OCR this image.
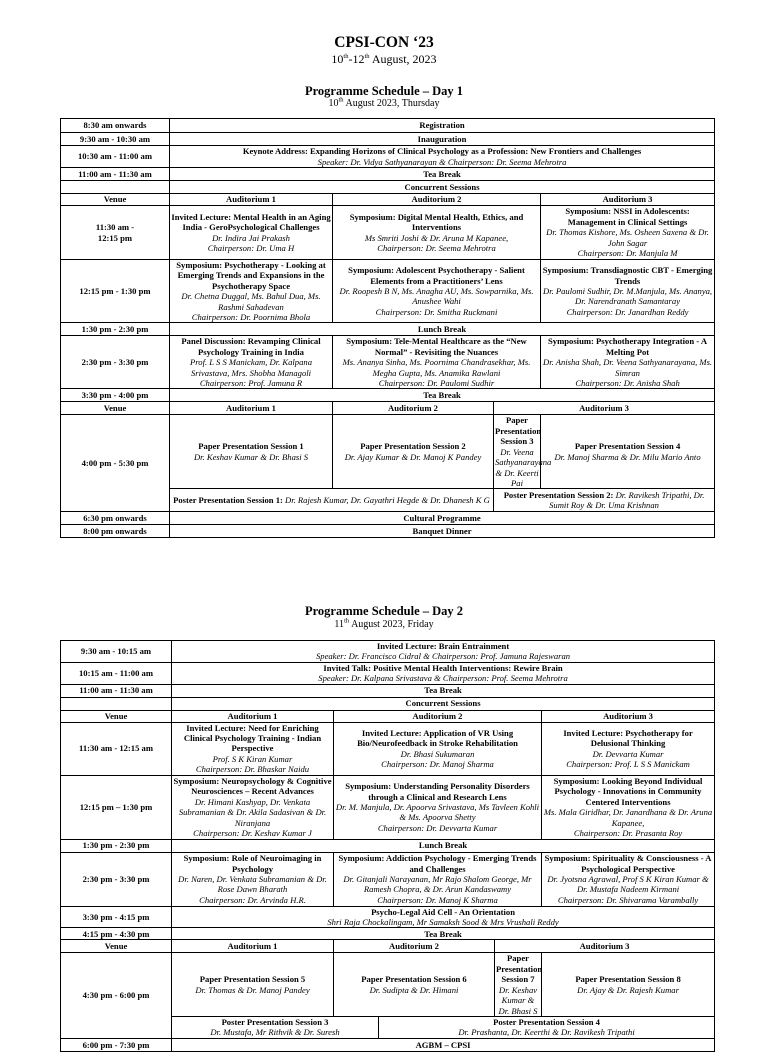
CPSI-CON ‘23
10th-12th August, 2023
Programme Schedule – Day 1
10th August 2023, Thursday
8:30 am onwards	Registration			
9:30 am - 10:30 am	Inauguration			
10:30 am - 11:00 am	Keynote Address: Expanding Horizons of Clinical Psychology as a Profession: New Frontiers and Challenges
Speaker: Dr. Vidya Sathyanarayan & Chairperson: Dr. Seema Mehrotra			

11:00 am - 11:30 am	Tea Break			
	Concurrent Sessions			
Venue	Auditorium 1	Auditorium 2		Auditorium 3
11:30 am -
12:15 pm	Invited Lecture: Mental Health in an Aging India - GeroPsychological Challenges
Dr. Indira Jai Prakash
Chairperson: Dr. Uma H	Symposium: Digital Mental Health, Ethics, and Interventions
Ms Smriti Joshi & Dr. Aruna M Kapanee,
Chairperson: Dr. Seema Mehrotra		Symposium: NSSI in Adolescents: Management in Clinical Settings
Dr. Thomas Kishore, Ms. Osheen Saxena & Dr. John Sagar
Chairperson: Dr. Manjula M

12:15 pm - 1:30 pm	Symposium: Psychotherapy - Looking at Emerging Trends and Expansions in the Psychotherapy Space
Dr. Chetna Duggal, Ms. Bahul Dua, Ms. Rashmi Sahadevan
Chairperson: Dr. Poornima Bhola	Symposium: Adolescent Psychotherapy - Salient Elements from a Practitioners’ Lens
Dr. Roopesh B N, Ms. Anagha AU, Ms. Sowparnika, Ms. Anushee Wahi
Chairperson: Dr. Smitha Ruckmani		Symposium: Transdiagnostic CBT - Emerging Trends
Dr. Paulomi Sudhir, Dr. M.Manjula, Ms. Ananya, Dr. Narendranath Samantaray
Chairperson: Dr. Janardhan Reddy

1:30 pm - 2:30 pm	Lunch Break			
2:30 pm - 3:30 pm	Panel Discussion: Revamping Clinical Psychology Training in India
Prof. L S S Manickam, Dr. Kalpana Srivastava, Mrs. Shobha Managoli
Chairperson: Prof. Jamuna R	Symposium: Tele-Mental Healthcare as the “New Normal” - Revisiting the Nuances
Ms. Ananya Sinha, Ms. Poornima Chandrasekhar, Ms. Megha Gupta, Ms. Anamika Rawlani
Chairperson: Dr. Paulomi Sudhir		Symposium: Psychotherapy Integration - A Melting Pot
Dr. Anisha Shah, Dr. Veena Sathyanarayana, Ms. Simran
Chairperson: Dr. Anisha Shah

3:30 pm - 4:00 pm	Tea Break			
Venue	Auditorium 1	Auditorium 2	Auditorium 3	
4:00 pm - 5:30 pm	Paper Presentation Session 1
Dr. Keshav Kumar & Dr. Bhasi S	Paper Presentation Session 2
Dr. Ajay Kumar & Dr. Manoj K Pandey	Paper Presentation Session 3
Dr. Veena Sathyanarayana & Dr. Keerti Pai	Paper Presentation Session 4
Dr. Manoj Sharma & Dr. Milu Mario Anto

	Poster Presentation Session 1: Dr. Rajesh Kumar, Dr. Gayathri Hegde & Dr. Dhanesh K G		Poster Presentation Session 2: Dr. Ravikesh Tripathi, Dr. Sumit Roy & Dr. Uma Krishnan	
6:30 pm onwards	Cultural Programme			
8:00 pm onwards	Banquet Dinner			
Programme Schedule – Day 2
11th August 2023, Friday
9:30 am - 10:15 am	Invited Lecture: Brain Entrainment
Speaker: Dr. Francisco Cidral & Chairperson: Prof. Jamuna Rajeswaran				

10:15 am - 11:00 am	Invited Talk: Positive Mental Health Interventions: Rewire Brain
Speaker: Dr. Kalpana Srivastava & Chairperson: Prof. Seema Mehrotra				

11:00 am - 11:30 am	Tea Break				
	Concurrent Sessions				
Venue	Auditorium 1	Auditorium 2			Auditorium 3
11:30 am - 12:15 am	Invited Lecture: Need for Enriching Clinical Psychology Training - Indian Perspective
Prof. S K Kiran Kumar
Chairperson: Dr. Bhaskar Naidu	Invited Lecture: Application of VR Using Bio/Neurofeedback in Stroke Rehabilitation
Dr. Bhasi Sukumaran
Chairperson: Dr. Manoj Sharma			Invited Lecture: Psychotherapy for Delusional Thinking
Dr. Devvarta Kumar
Chairperson: Prof. L S S Manickam

12:15 pm – 1:30 pm	Symposium: Neuropsychology & Cognitive Neurosciences – Recent Advances
Dr. Himani Kashyap, Dr. Venkata Subramanian & Dr. Akila Sadasivan & Dr. Niranjana
Chairperson: Dr. Keshav Kumar J	Symposium: Understanding Personality Disorders through a Clinical and Research Lens
Dr. M. Manjula, Dr. Apoorva Srivastava, Ms Tavleen Kohli & Ms. Apoorva Shetty
Chairperson: Dr. Devvarta Kumar			Symposium: Looking Beyond Individual Psychology - Innovations in Community Centered Interventions
Ms. Mala Giridhar, Dr. Janardhana & Dr. Aruna Kapanee,
Chairperson: Dr. Prasanta Roy

1:30 pm - 2:30 pm	Lunch Break				
2:30 pm - 3:30 pm	Symposium: Role of Neuroimaging in Psychology
Dr. Naren, Dr. Venkata Subramanian & Dr. Rose Dawn Bharath
Chairperson: Dr. Arvinda H.R.	Symposium: Addiction Psychology - Emerging Trends and Challenges
Dr. Gitanjali Narayanan, Mr Rajo Shalom George, Mr Ramesh Chopra, & Dr. Arun Kandaswamy
Chairperson: Dr. Manoj K Sharma			Symposium: Spirituality & Consciousness - A Psychological Perspective
Dr. Jyotsna Agrawal, Prof S K Kiran Kumar & Dr. Mustafa Nadeem Kirmani
Chairperson: Dr. Shivarama Varambally

3:30 pm - 4:15 pm	Psycho-Legal Aid Cell - An Orientation
Shri Raja Chockalingam, Mr Samaksh Sood & Mrs Vrushali Reddy				

4:15 pm - 4:30 pm	Tea Break				
Venue	Auditorium 1	Auditorium 2		Auditorium 3	
4:30 pm - 6:00 pm	Paper Presentation Session 5
Dr. Thomas & Dr. Manoj Pandey	Paper Presentation Session 6
Dr. Sudipta & Dr. Himani		Paper Presentation Session 7
Dr. Keshav Kumar & Dr. Bhasi S	Paper Presentation Session 8
Dr. Ajay & Dr. Rajesh Kumar

	Poster Presentation Session 3
Dr. Mustafa, Mr Rithvik & Dr. Suresh		Poster Presentation Session 4
Dr. Prashanta, Dr. Keerthi & Dr. Ravikesh Tripathi		

6:00 pm - 7:30 pm	AGBM – CPSI				
